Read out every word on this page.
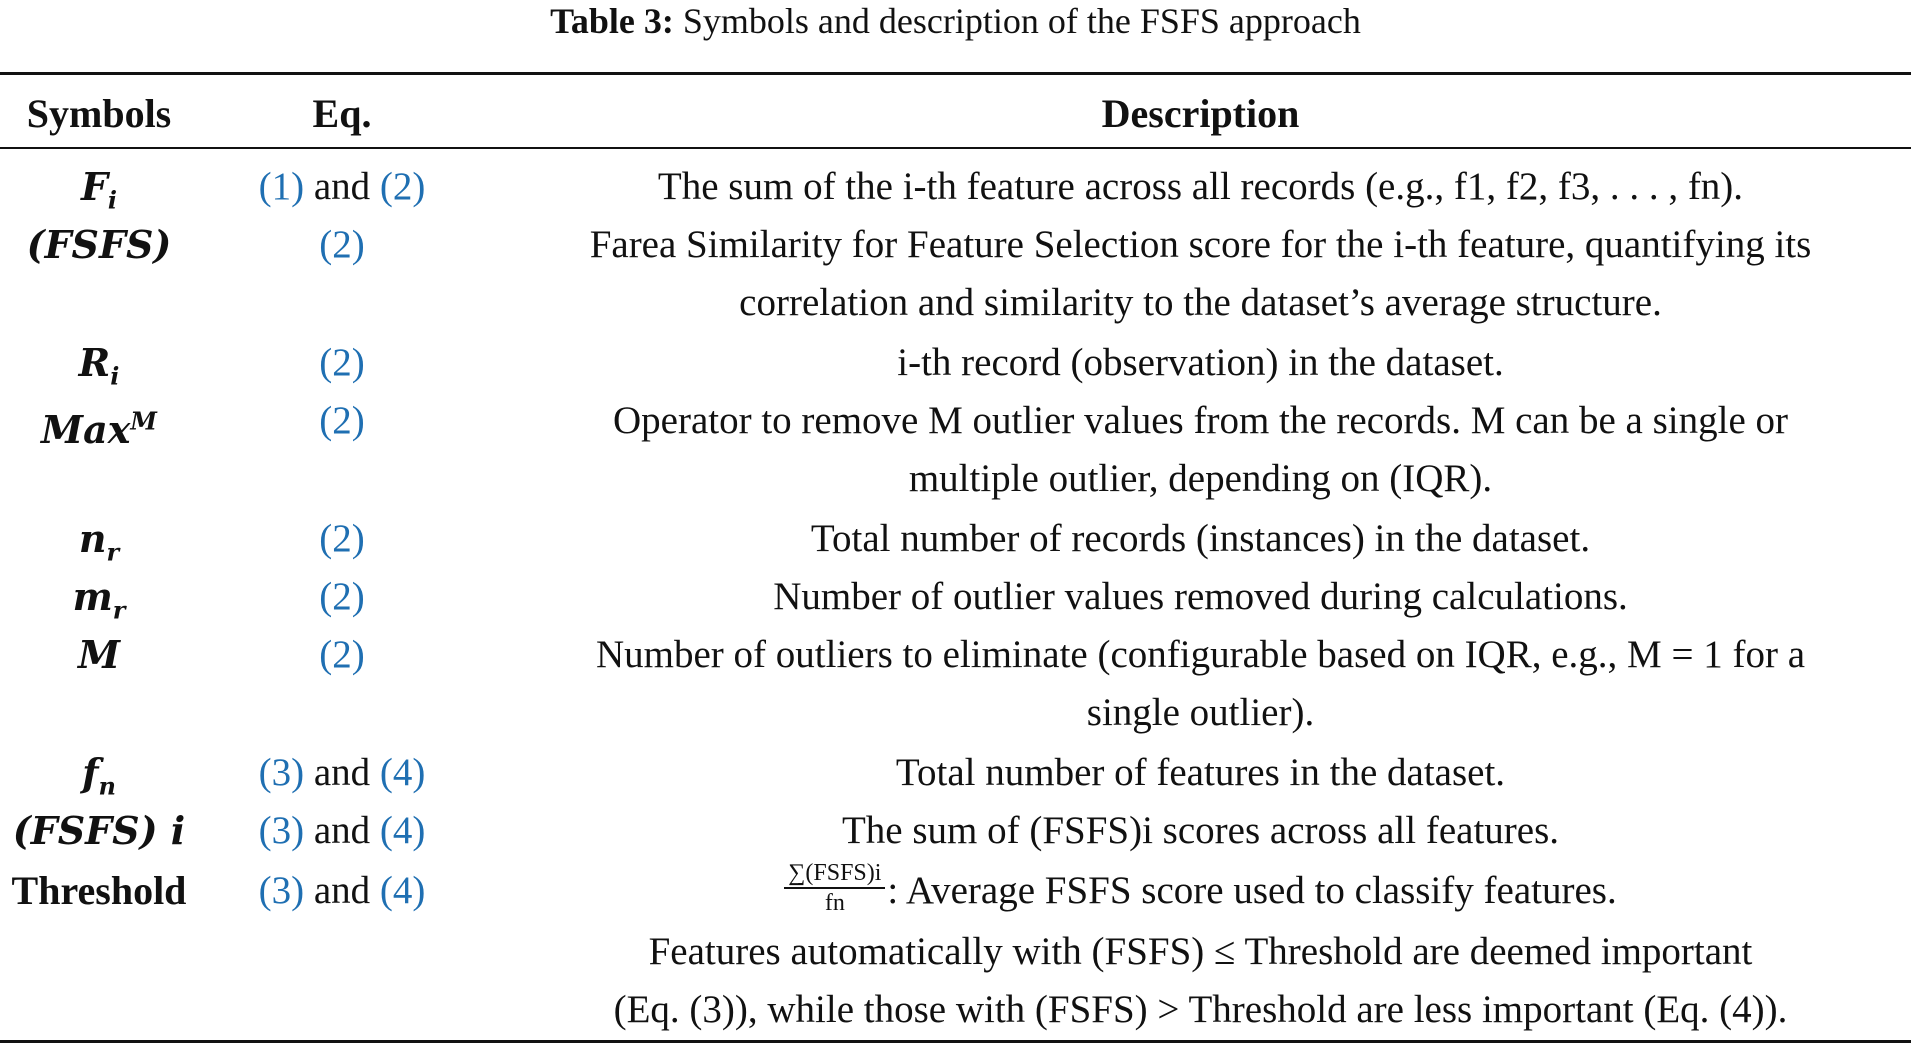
Table 3: Symbols and description of the FSFS approach
Symbols	Eq.	Description
$F_i$	(1) and (2)	The sum of the i-th feature across all records (e.g., f1, f2, f3, . . . , fn).
(FSFS)	(2)	Farea Similarity for Feature Selection score for the i-th feature, quantifying its
correlation and similarity to the dataset’s average structure.
$R_i$	(2)	i-th record (observation) in the dataset.
Max$^M$	(2)	Operator to remove M outlier values from the records. M can be a single or
multiple outlier, depending on (IQR).
$n_r$	(2)	Total number of records (instances) in the dataset.
$m_r$	(2)	Number of outlier values removed during calculations.
M	(2)	Number of outliers to eliminate (configurable based on IQR, e.g., M = 1 for a
single outlier).
$f_n$	(3) and (4)	Total number of features in the dataset.
(FSFS) i	(3) and (4)	The sum of (FSFS)i scores across all features.
Threshold	(3) and (4)	$\frac{\text{∑(FSFS)i}}{fn}$ : Average FSFS score used to classify features.
Features automatically with (FSFS) ≤ Threshold are deemed important
(Eq. (3)), while those with (FSFS) > Threshold are less important (Eq. (4)).
